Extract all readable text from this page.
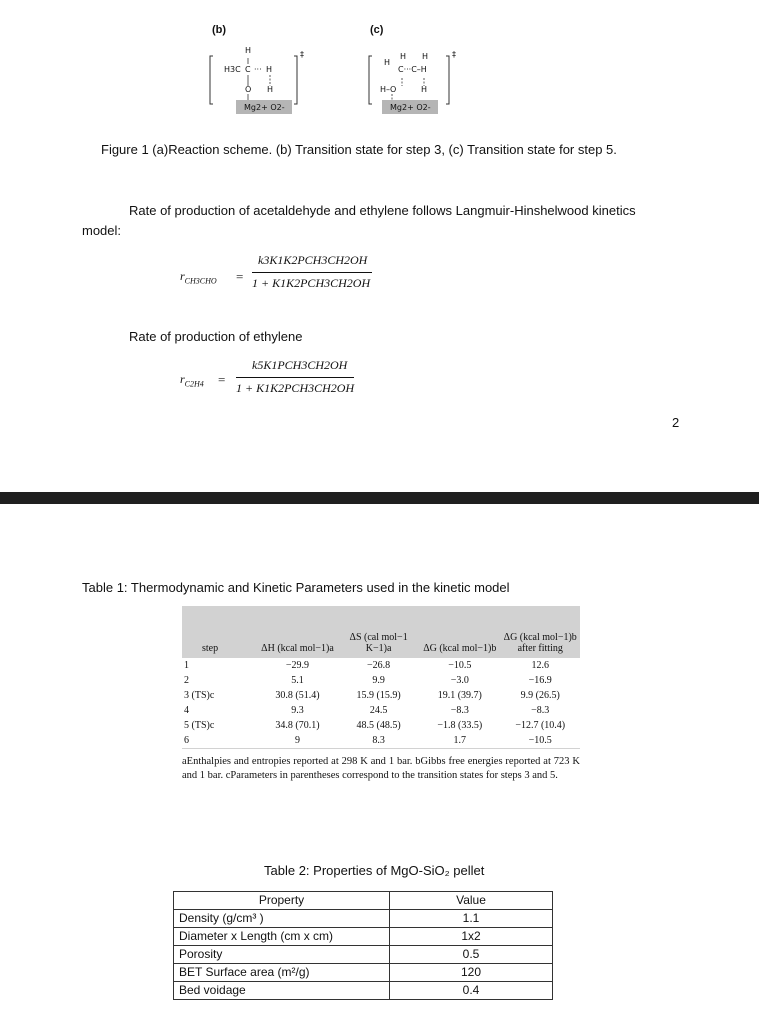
(b)	(c)
H
H3C C ··· H
O H
Mg2+ O2-
‡
H
H H
C···C–H
H–O	H
Mg2+ O2-
‡
Figure 1 (a)Reaction scheme. (b) Transition state for step 3, (c) Transition state for step 5.
Rate of production of acetaldehyde and ethylene follows Langmuir-Hinshelwood kinetics
model:
$r_{CH3CHO}$ =
k3K1K2PCH3CH2OH
1 + K1K2PCH3CH2OH
Rate of production of ethylene
$r_{C2H4}$ =
k5K1PCH3CH2OH
1 + K1K2PCH3CH2OH
2
Table 1: Thermodynamic and Kinetic Parameters used in the kinetic model
step	ΔH (kcal mol−1)a	ΔS (cal mol−1 K−1)a	ΔG (kcal mol−1)b	ΔG (kcal mol−1)b after fitting
1	−29.9	−26.8	−10.5	12.6
2	5.1	9.9	−3.0	−16.9
3 (TS)c	30.8 (51.4)	15.9 (15.9)	19.1 (39.7)	9.9 (26.5)
4	9.3	24.5	−8.3	−8.3
5 (TS)c	34.8 (70.1)	48.5 (48.5)	−1.8 (33.5)	−12.7 (10.4)
6	9	8.3	1.7	−10.5
aEnthalpies and entropies reported at 298 K and 1 bar. bGibbs free energies reported at 723 K and 1 bar. cParameters in parentheses correspond to the transition states for steps 3 and 5.
Table 2: Properties of MgO-SiO₂ pellet
Property	Value
Density (g/cm³ )	1.1
Diameter x Length (cm x cm)	1x2
Porosity	0.5
BET Surface area (m²/g)	120
Bed voidage	0.4
